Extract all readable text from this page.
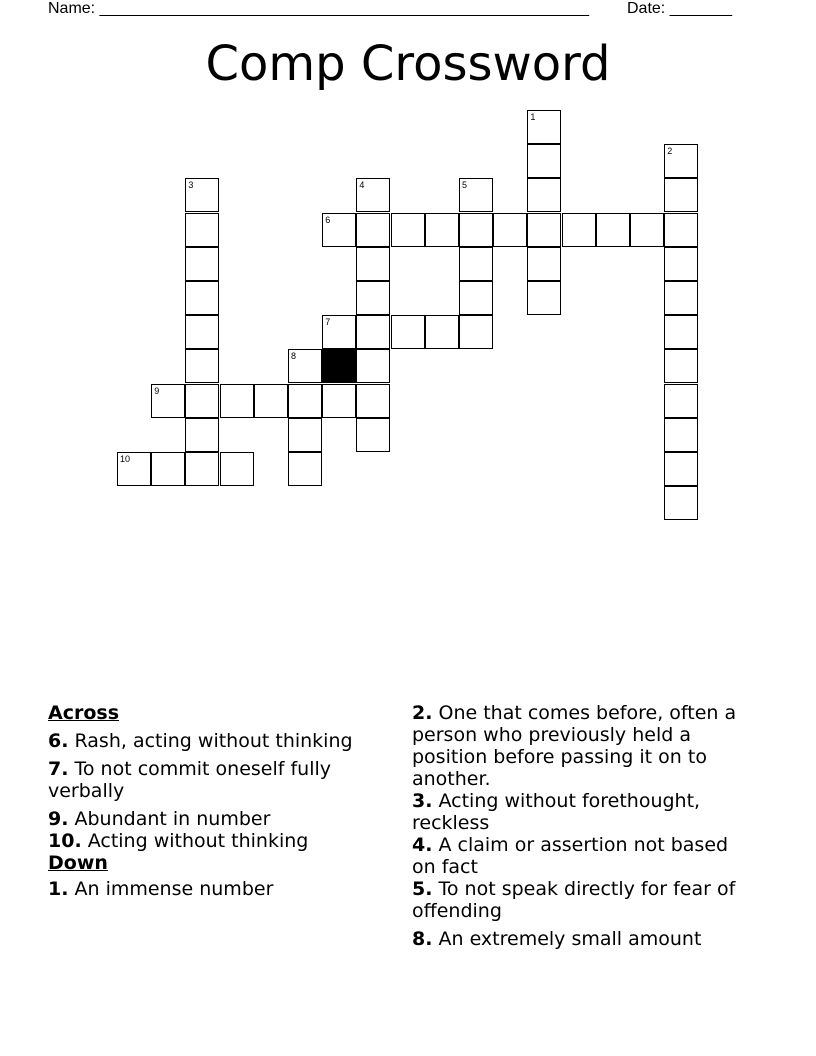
Name: _______________________________________________________ Date: _______
Comp Crossword
6
7
9
10
1
2
3	4	5
8
Across
6. Rash, acting without thinking
7. To not commit oneself fully verbally
9. Abundant in number
10. Acting without thinking
Down
1. An immense number
2. One that comes before, often a person who previously held a position before passing it on to another.
3. Acting without forethought, reckless
4. A claim or assertion not based on fact
5. To not speak directly for fear of offending
8. An extremely small amount
